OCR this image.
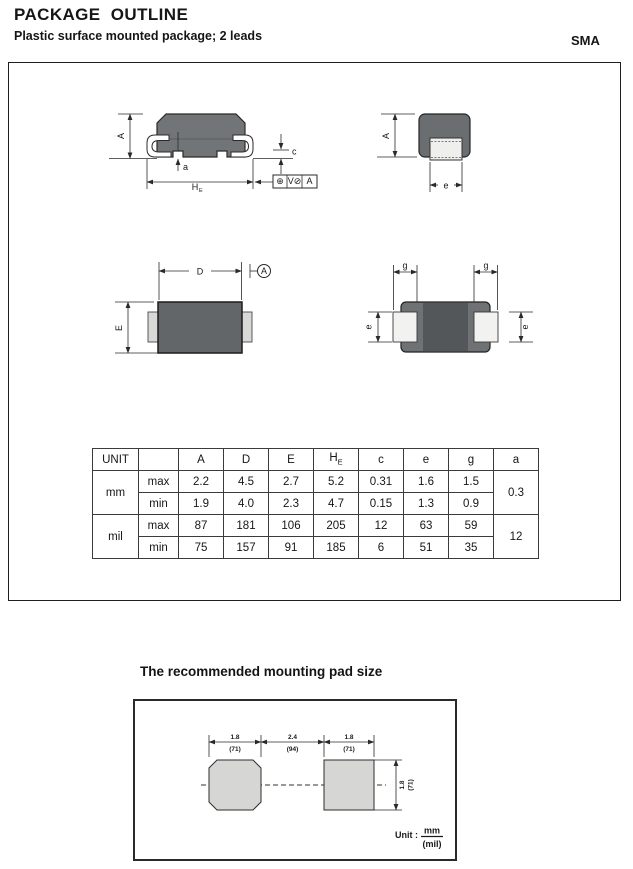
PACKAGE  OUTLINE
Plastic surface mounted package; 2 leads	SMA
A
a
H E
c
⊕ V⊘ A
A
e
D	A
E
g	g
e	e
UNIT		A	D	E	$H_E$	c	e	g	a
mm	max	2.2	4.5	2.7	5.2	0.31	1.6	1.5	0.3
	min	1.9	4.0	2.3	4.7	0.15	1.3	0.9	
mil	max	87	181	106	205	12	63	59	12
	min	75	157	91	185	6	51	35	
The recommended mounting pad size
1.8
(71)
2.4
(94)
1.8
(71)
1.8 (71)
Unit : mm
(mil)
